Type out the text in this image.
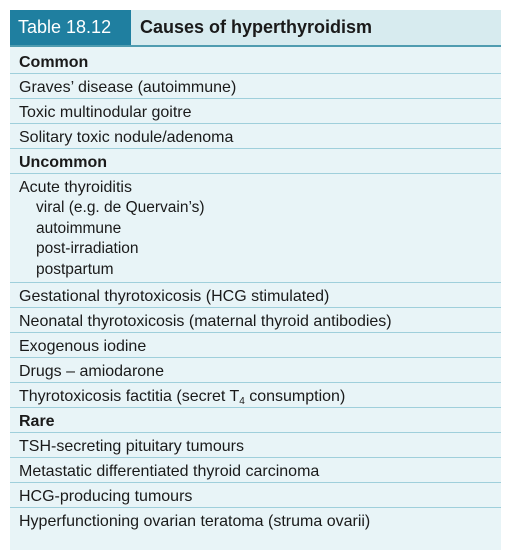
Table 18.12	Causes of hyperthyroidism
Common
Graves’ disease (autoimmune)
Toxic multinodular goitre
Solitary toxic nodule/adenoma
Uncommon
Acute thyroiditis
viral (e.g. de Quervain’s)
autoimmune
post-irradiation
postpartum
Gestational thyrotoxicosis (HCG stimulated)
Neonatal thyrotoxicosis (maternal thyroid antibodies)
Exogenous iodine
Drugs – amiodarone
Thyrotoxicosis factitia (secret $T_4$ consumption)
Rare
TSH-secreting pituitary tumours
Metastatic differentiated thyroid carcinoma
HCG-producing tumours
Hyperfunctioning ovarian teratoma (struma ovarii)
